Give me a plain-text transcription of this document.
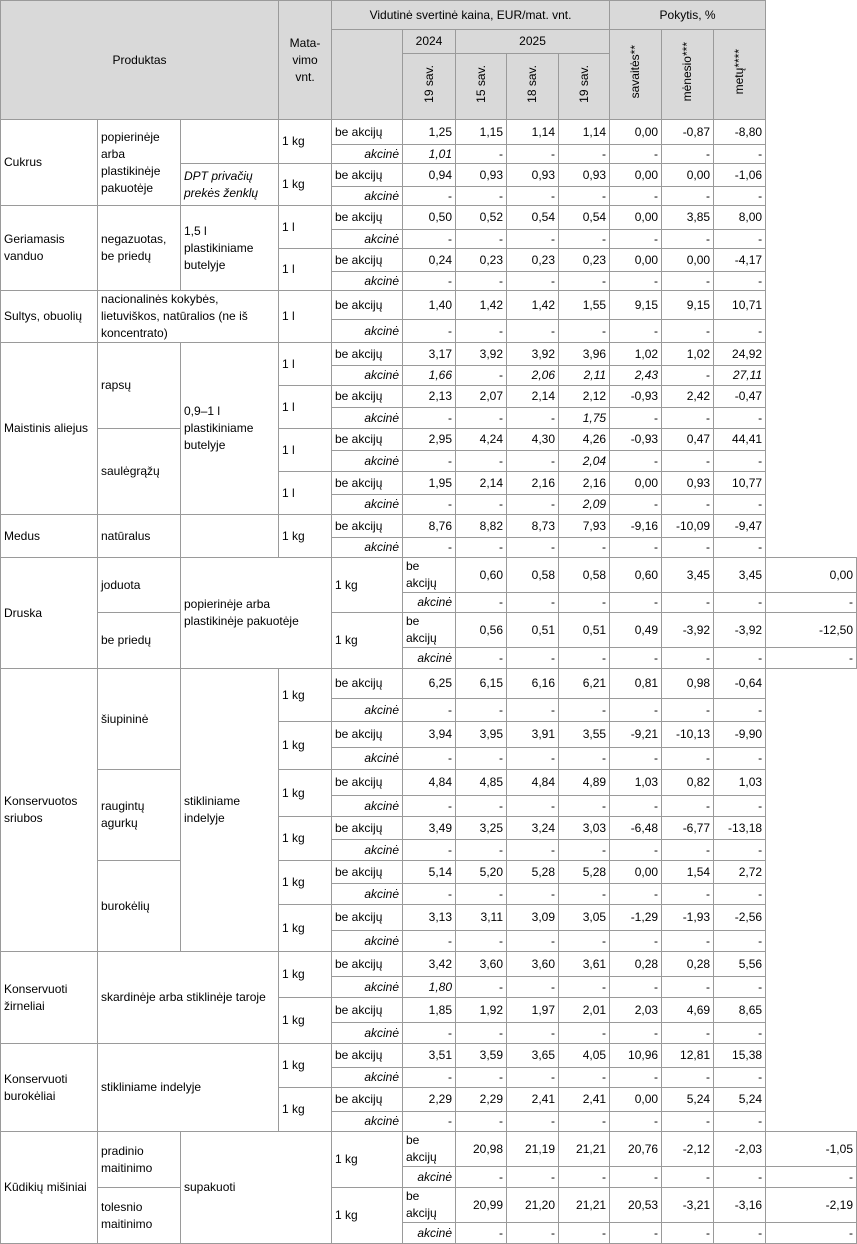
Produktas			Mata-vimo vnt.	Vidutinė svertinė kaina, EUR/mat. vnt.					Pokytis, %			
					2024	2025			savaitės**	mėnesio***	metų****	
					19 sav.	15 sav.	18 sav.	19 sav.				
Cukrus	popierinėje arba plastikinėje pakuotėje		1 kg	be akcijų	1,25	1,15	1,14	1,14	0,00	-0,87	-8,80	
				akcinė	1,01	-	-	-	-	-	-	
		DPT privačių prekės ženklų	1 kg	be akcijų	0,94	0,93	0,93	0,93	0,00	0,00	-1,06	
				akcinė	-	-	-	-	-	-	-	
Geriamasis vanduo	negazuotas, be priedų	1,5 l plastikiniame butelyje	1 l	be akcijų	0,50	0,52	0,54	0,54	0,00	3,85	8,00	
				akcinė	-	-	-	-	-	-	-	
			1 l	be akcijų	0,24	0,23	0,23	0,23	0,00	0,00	-4,17	
				akcinė	-	-	-	-	-	-	-	
Sultys, obuolių	nacionalinės kokybės, lietuviškos, natūralios (ne iš koncentrato)		1 l	be akcijų	1,40	1,42	1,42	1,55	9,15	9,15	10,71	
				akcinė	-	-	-	-	-	-	-	
Maistinis aliejus	rapsų	0,9–1 l plastikiniame butelyje	1 l	be akcijų	3,17	3,92	3,92	3,96	1,02	1,02	24,92	
				akcinė	1,66	-	2,06	2,11	2,43	-	27,11	
			1 l	be akcijų	2,13	2,07	2,14	2,12	-0,93	2,42	-0,47	
				akcinė	-	-	-	1,75	-	-	-	
	saulėgrąžų		1 l	be akcijų	2,95	4,24	4,30	4,26	-0,93	0,47	44,41	
				akcinė	-	-	-	2,04	-	-	-	
			1 l	be akcijų	1,95	2,14	2,16	2,16	0,00	0,93	10,77	
				akcinė	-	-	-	2,09	-	-	-	
Medus	natūralus		1 kg	be akcijų	8,76	8,82	8,73	7,93	-9,16	-10,09	-9,47	
				akcinė	-	-	-	-	-	-	-	
Druska	joduota	popierinėje arba plastikinėje pakuotėje		1 kg	be akcijų	0,60	0,58	0,58	0,60	3,45	3,45	0,00
					akcinė	-	-	-	-	-	-	-
	be priedų			1 kg	be akcijų	0,56	0,51	0,51	0,49	-3,92	-3,92	-12,50
					akcinė	-	-	-	-	-	-	-
Konservuotos sriubos	šiupininė	stikliniame indelyje	1 kg	be akcijų	6,25	6,15	6,16	6,21	0,81	0,98	-0,64	
				akcinė	-	-	-	-	-	-	-	
			1 kg	be akcijų	3,94	3,95	3,91	3,55	-9,21	-10,13	-9,90	
				akcinė	-	-	-	-	-	-	-	
	raugintų agurkų		1 kg	be akcijų	4,84	4,85	4,84	4,89	1,03	0,82	1,03	
				akcinė	-	-	-	-	-	-	-	
			1 kg	be akcijų	3,49	3,25	3,24	3,03	-6,48	-6,77	-13,18	
				akcinė	-	-	-	-	-	-	-	
	burokėlių		1 kg	be akcijų	5,14	5,20	5,28	5,28	0,00	1,54	2,72	
				akcinė	-	-	-	-	-	-	-	
			1 kg	be akcijų	3,13	3,11	3,09	3,05	-1,29	-1,93	-2,56	
				akcinė	-	-	-	-	-	-	-	
Konservuoti žirneliai	skardinėje arba stiklinėje taroje		1 kg	be akcijų	3,42	3,60	3,60	3,61	0,28	0,28	5,56	
				akcinė	1,80	-	-	-	-	-	-	
			1 kg	be akcijų	1,85	1,92	1,97	2,01	2,03	4,69	8,65	
				akcinė	-	-	-	-	-	-	-	
Konservuoti burokėliai	stikliniame indelyje		1 kg	be akcijų	3,51	3,59	3,65	4,05	10,96	12,81	15,38	
				akcinė	-	-	-	-	-	-	-	
			1 kg	be akcijų	2,29	2,29	2,41	2,41	0,00	5,24	5,24	
				akcinė	-	-	-	-	-	-	-	
Kūdikių mišiniai	pradinio maitinimo	supakuoti		1 kg	be akcijų	20,98	21,19	21,21	20,76	-2,12	-2,03	-1,05
					akcinė	-	-	-	-	-	-	-
	tolesnio maitinimo			1 kg	be akcijų	20,99	21,20	21,21	20,53	-3,21	-3,16	-2,19
					akcinė	-	-	-	-	-	-	-
